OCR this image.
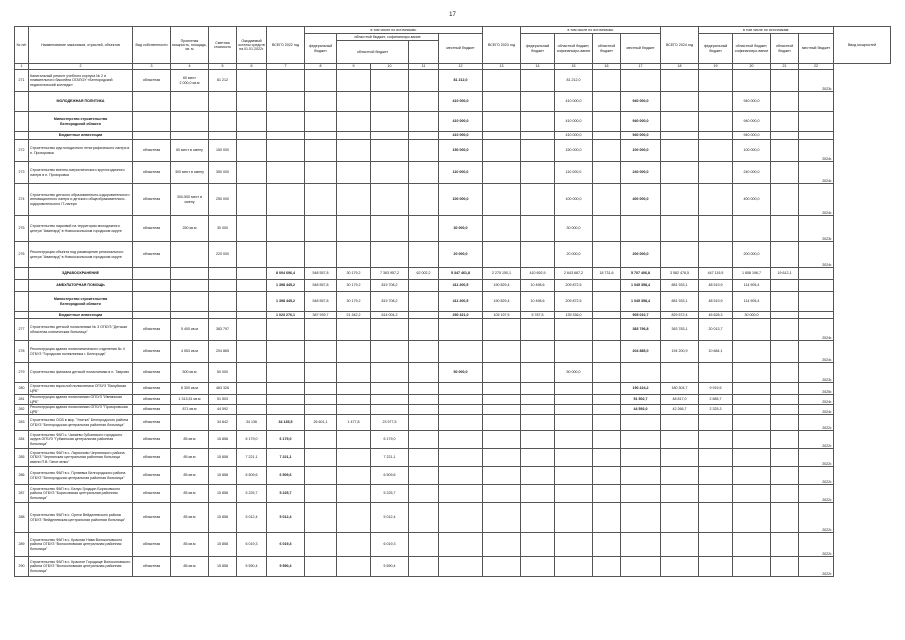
17
№ п/п	Наименование заказчиков, отраслей, объектов	Вид собственности	Проектная мощность, площадь, кв. м	Сметная стоимость	Ожидаемый остаток средств на 01.01.2022г.	ВСЕГО 2022 год	в том числе по источникам:					ВСЕГО 2023 год	в том числе по источникам:				ВСЕГО 2024 год	в том числе по источникам:				Ввод мощностей
							федеральный бюджет	областной бюджет, софинансиро-вание			местный бюджет		федеральный бюджет	областной бюджет, софинансиро-вание	областной бюджет	местный бюджет		федеральный бюджет	областной бюджет, софинансиро-вание	областной бюджет	местный бюджет	
								областной бюджет														
1	2	3	4	5	6	7	8	9	10	11	12	13	14	15	16	17	18	19	20	21	22	
271	Капитальный ремонт учебного корпуса № 2 и плавательного бассейна ОГАПОУ «Белгородский педагогический колледж»	областная	60 мест
2 000,0 кв.м	81 212							81 212,0			81 212,0							2023г.	
	МОЛОДЕЖНАЯ ПОЛИТИКА										410 000,0			410 000,0		940 000,0			940 000,0			
	Министерство строительства
Белгородской области										410 000,0			410 000,0		940 000,0			940 000,0			
	Бюджетные инвестиции										410 000,0			410 000,0		940 000,0			940 000,0			
272	Строительство круглогодичного этнографического лагеря в п. Прохоровка	областная	60 мест в смену	150 000							150 000,0			150 000,0		100 000,0			100 000,0		2024г.	
273	Строительство военно-патриотического круглогодичного лагеря в п. Прохоровка	областная	300 мест в смену	350 000							110 000,0			110 000,0		240 000,0			240 000,0		2024г.	
274	Строительство детского образовательно-оздоровительного инновационного лагеря и детского общеобразовательно-оздоровительного IT-лагеря	областная	300-500 мест в смену	250 000							100 000,0			100 000,0		400 000,0			400 000,0		2024г.	
275	Строительство парковой на территории молодежного центра "Авангард" в Новооскольском городском округе	областная	250 кв.м	30 000							30 000,0			30 000,0							2023г.	
276	Реконструкция объекта под размещение регионального центра "Авангард" в Новооскольском городском округе	областная		220 000							20 000,0			20 000,0		200 000,0			200 000,0		2024г.	
	ЗДРАВООХРАНЕНИЕ					8 004 696,4	548 557,8	30 179,2	7 363 957,2	62 002,2	5 347 461,8	2 275 150,1	410 692,9	2 643 687,2	18 731,6	5 707 406,8	3 582 478,5	447 119,5	1 658 196,7	19 612,1		
	АМБУЛАТОРНАЯ ПОМОЩЬ					1 398 445,2	548 557,8	30 179,2	819 708,2		411 200,5	190 829,4	10 498,6	209 872,5		1 045 358,4	881 933,1	48 519,9	114 905,4			
	Министерство строительства
Белгородской области					1 398 445,2	548 557,8	30 179,2	819 708,2		411 200,5	190 829,4	10 498,6	209 872,5		1 045 358,4	881 933,1	48 519,9	114 905,4			
	Бюджетные инвестиции					1 023 276,1	387 939,7	21 342,2	614 004,2		250 321,0	105 197,5	5 787,5	139 336,0		905 010,7	829 572,4	45 628,3	30 000,0			
277	Строительство детской поликлиники № 3 ОГБУЗ "Детская областная клиническая больница"	областная	5 400 кв.м	383 797												383 796,8	363 783,1	20 013,7			2024г.	
278	Реконструкция здания поликлинического отделения № 4 ОГБУЗ "Городская поликлиника г. Белгорода"	областная	4 553 кв.м	204 865												204 885,0	194 200,9	10 684,1			2024г.	
279	Строительство филиала детской поликлиники в п. Таврово	областная	500 кв.м	50 000							50 000,0			50 000,0							2023г.	
280	Строительство взрослой поликлиники ОГБУЗ "Валуйская ЦРБ"	областная	6 300 кв.м	463 326												190 224,2	180 304,7	9 919,5			2025г.	
281	Реконструкция здания поликлиники ОГБУЗ "Ивнянская ЦРБ"	областная	1 313,51 кв.м	51 503												51 502,7	48 817,0	2 685,7			2024г.	
282	Реконструкция здания поликлиники ОГБУЗ "Прохоровская ЦРБ"	областная	871 кв.м	44 592												44 592,0	42 266,7	2 325,3			2024г.	
283	Строительство ОСВ в мкр. "Улитка" Белгородского района ОГБУЗ "Белгородская центральная районная больница"	областная		34 842	34 136	34 135,5	26 601,1	1 477,8	23 977,5												2022г.	
284	Строительство ФАП с. Чапаево Губкинского городского округа ОГБУЗ "Губкинская центральная районная больница"	областная	85 кв.м	15 858	6 179,0	6 179,0			6 179,0												2022г.	
285	Строительство ФАП в с. Ларионово Чернянского района ОГБУЗ "Чернянская центральная районная больница имени П.В. Гапотченко"	областная	85 кв.м	15 858	7 221,1	7 221,1			7 221,1												2022г.	
286	Строительство ФАП в с. Пуляевка Белгородского района ОГБУЗ "Белгородская центральная районная больница"	областная	85 кв.м	15 858	6 509,6	6 509,6			6 509,6												2022г.	
287	Строительство ФАП в с. Белуо-Гродцин Борисовского района ОГБУЗ "Борисовская центральная районная больница"	областная	85 кв.м	15 858	5 225,7	5 225,7			5 225,7												2022г.	
288	Строительство ФАП в с. Орехи Вейделевского района ОГБУЗ "Вейделевская центральная районная больница"	областная	85 кв.м	15 858	5 012,4	5 012,4			5 012,4												2022г.	
289	Строительство ФАП в с. Красная Нива Волоконовского района ОГБУЗ "Волоконовская центральная районная больница"	областная	85 кв.м	15 858	6 019,3	6 019,3			6 019,3												2022г.	
290	Строительство ФАП в с. Красное Городище Волоконовского района ОГБУЗ "Волоконовская центральная районная больница"	областная	85 кв.м	15 858	5 590,4	5 590,4			5 590,4												2022г.	
